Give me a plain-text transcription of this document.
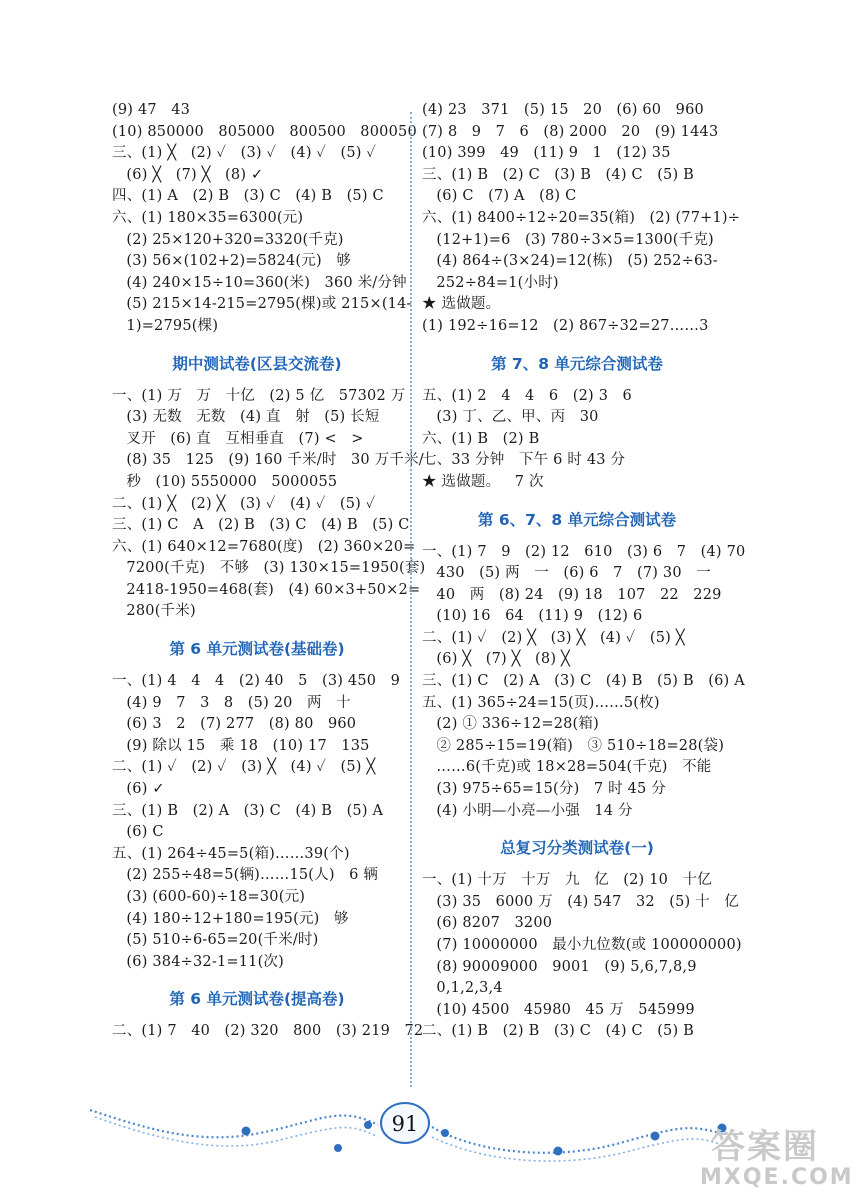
(9) 47   43
(10) 850000   805000   800500   800050
三、(1) ╳   (2) ✓   (3) ✓   (4) ✓   (5) ✓
(6) ╳   (7) ╳   (8) ✓
四、(1) A   (2) B   (3) C   (4) B   (5) C
六、(1) 180×35=6300(元)
(2) 25×120+320=3320(千克)
(3) 56×(102+2)=5824(元)   够
(4) 240×15÷10=360(米)   360 米/分钟
(5) 215×14-215=2795(棵)或 215×(14-
1)=2795(棵)
期中测试卷(区县交流卷)
一、(1) 万   万   十亿   (2) 5 亿   57302 万
(3) 无数   无数   (4) 直   射   (5) 长短
叉开   (6) 直   互相垂直   (7) <   >
(8) 35   125   (9) 160 千米/时   30 万千米/
秒   (10) 5550000   5000055
二、(1) ╳   (2) ╳   (3) ✓   (4) ✓   (5) ✓
三、(1) C   A   (2) B   (3) C   (4) B   (5) C
六、(1) 640×12=7680(度)   (2) 360×20=
7200(千克)   不够   (3) 130×15=1950(套)
2418-1950=468(套)   (4) 60×3+50×2=
280(千米)
第 6 单元测试卷(基础卷)
一、(1) 4   4   4   (2) 40   5   (3) 450   9
(4) 9   7   3   8   (5) 20   两   十
(6) 3   2   (7) 277   (8) 80   960
(9) 除以 15   乘 18   (10) 17   135
二、(1) ✓   (2) ✓   (3) ╳   (4) ✓   (5) ╳
(6) ✓
三、(1) B   (2) A   (3) C   (4) B   (5) A
(6) C
五、(1) 264÷45=5(箱)……39(个)
(2) 255÷48=5(辆)……15(人)   6 辆
(3) (600-60)÷18=30(元)
(4) 180÷12+180=195(元)   够
(5) 510÷6-65=20(千米/时)
(6) 384÷32-1=11(次)
第 6 单元测试卷(提高卷)
二、(1) 7   40   (2) 320   800   (3) 219   72
(4) 23   371   (5) 15   20   (6) 60   960
(7) 8   9   7   6   (8) 2000   20   (9) 1443
(10) 399   49   (11) 9   1   (12) 35
三、(1) B   (2) C   (3) B   (4) C   (5) B
(6) C   (7) A   (8) C
六、(1) 8400÷12÷20=35(箱)   (2) (77+1)÷
(12+1)=6   (3) 780÷3×5=1300(千克)
(4) 864÷(3×24)=12(栋)   (5) 252÷63-
252÷84=1(小时)
★ 选做题。
(1) 192÷16=12   (2) 867÷32=27……3
第 7、8 单元综合测试卷
五、(1) 2   4   4   6   (2) 3   6
(3) 丁、乙、甲、丙   30
六、(1) B   (2) B
七、33 分钟   下午 6 时 43 分
★ 选做题。   7 次
第 6、7、8 单元综合测试卷
一、(1) 7   9   (2) 12   610   (3) 6   7   (4) 70
430   (5) 两   一   (6) 6   7   (7) 30   一
40   两   (8) 24   (9) 18   107   22   229
(10) 16   64   (11) 9   (12) 6
二、(1) ✓   (2) ╳   (3) ╳   (4) ✓   (5) ╳
(6) ╳   (7) ╳   (8) ╳
三、(1) C   (2) A   (3) C   (4) B   (5) B   (6) A
五、(1) 365÷24=15(页)……5(枚)
(2) ① 336÷12=28(箱)
② 285÷15=19(箱)   ③ 510÷18=28(袋)
……6(千克)或 18×28=504(千克)   不能
(3) 975÷65=15(分)   7 时 45 分
(4) 小明—小亮—小强   14 分
总复习分类测试卷(一)
一、(1) 十万   十万   九   亿   (2) 10   十亿
(3) 35   6000 万   (4) 547   32   (5) 十   亿
(6) 8207   3200
(7) 10000000   最小九位数(或 100000000)
(8) 90009000   9001   (9) 5,6,7,8,9
0,1,2,3,4
(10) 4500   45980   45 万   545999
二、(1) B   (2) B   (3) C   (4) C   (5) B
91
答案圈
MXQE.COM
